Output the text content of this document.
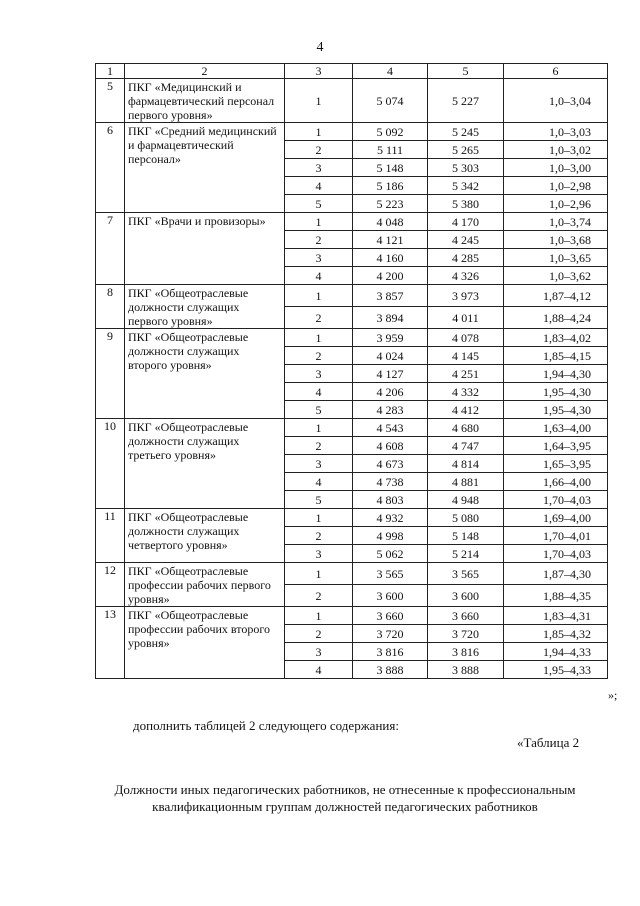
4
1	2	3	4	5	6
5	ПКГ «Медицинский и фармацевтический персонал первого уровня»	1	5 074	5 227	1,0–3,04
6	ПКГ «Средний медицинский и фармацевтический персонал»	1	5 092	5 245	1,0–3,03
		2	5 111	5 265	1,0–3,02
		3	5 148	5 303	1,0–3,00
		4	5 186	5 342	1,0–2,98
		5	5 223	5 380	1,0–2,96
7	ПКГ «Врачи и провизоры»	1	4 048	4 170	1,0–3,74
		2	4 121	4 245	1,0–3,68
		3	4 160	4 285	1,0–3,65
		4	4 200	4 326	1,0–3,62
8	ПКГ «Общеотраслевые должности служащих первого уровня»	1	3 857	3 973	1,87–4,12
		2	3 894	4 011	1,88–4,24
9	ПКГ «Общеотраслевые должности служащих второго уровня»	1	3 959	4 078	1,83–4,02
		2	4 024	4 145	1,85–4,15
		3	4 127	4 251	1,94–4,30
		4	4 206	4 332	1,95–4,30
		5	4 283	4 412	1,95–4,30
10	ПКГ «Общеотраслевые должности служащих третьего уровня»	1	4 543	4 680	1,63–4,00
		2	4 608	4 747	1,64–3,95
		3	4 673	4 814	1,65–3,95
		4	4 738	4 881	1,66–4,00
		5	4 803	4 948	1,70–4,03
11	ПКГ «Общеотраслевые должности служащих четвертого уровня»	1	4 932	5 080	1,69–4,00
		2	4 998	5 148	1,70–4,01
		3	5 062	5 214	1,70–4,03
12	ПКГ «Общеотраслевые профессии рабочих первого уровня»	1	3 565	3 565	1,87–4,30
		2	3 600	3 600	1,88–4,35
13	ПКГ «Общеотраслевые профессии рабочих второго уровня»	1	3 660	3 660	1,83–4,31
		2	3 720	3 720	1,85–4,32
		3	3 816	3 816	1,94–4,33
		4	3 888	3 888	1,95–4,33
»;
дополнить таблицей 2 следующего содержания:
«Таблица 2
Должности иных педагогических работников, не отнесенные к профессиональным
квалификационным группам должностей педагогических работников
